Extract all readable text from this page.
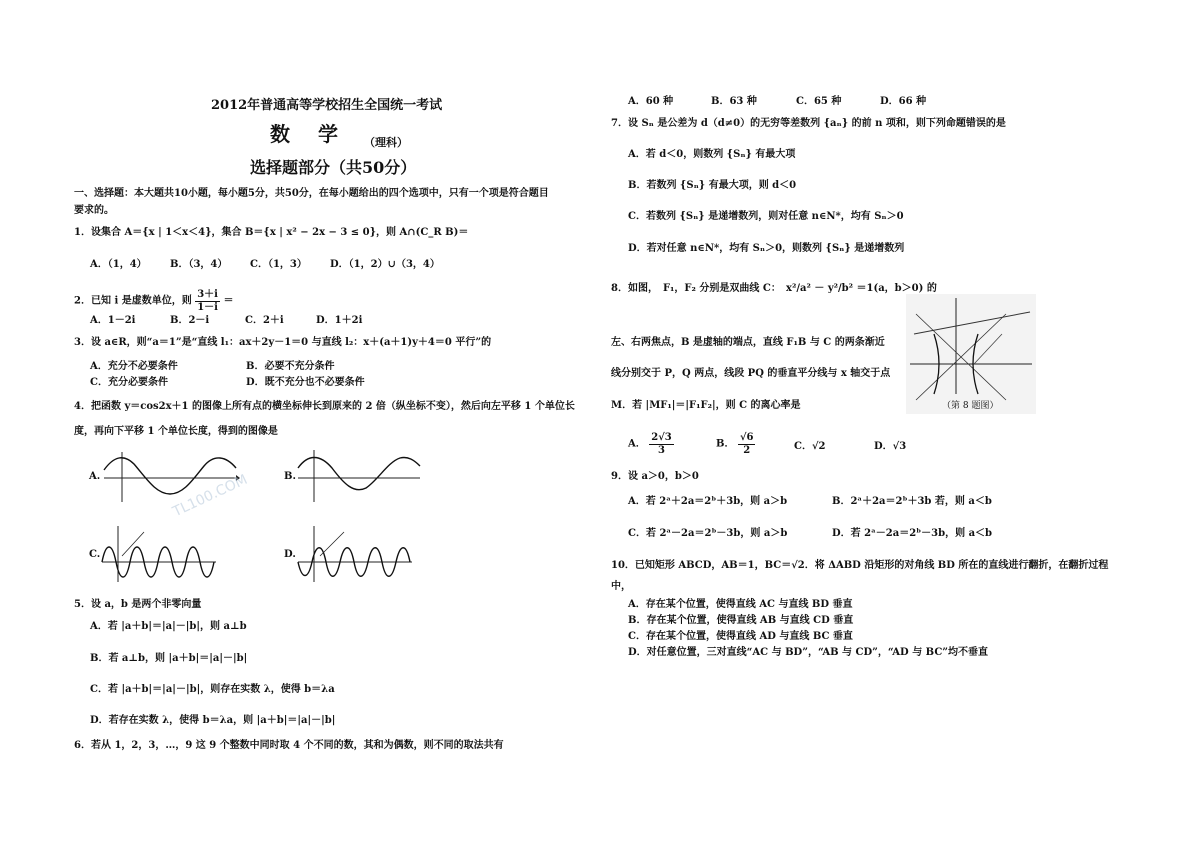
2012年普通高等学校招生全国统一考试
数　学 （理科）
选择题部分（共50分）
一、选择题：本大题共10小题，每小题5分，共50分，在每小题给出的四个选项中，只有一个项是符合题目
要求的。
1．设集合 A＝{x | 1＜x＜4}，集合 B＝{x | x² − 2x − 3 ≤ 0}，则 A∩(C_R B)＝
A．（1，4） B．（3，4） C．（1，3） D．（1，2）∪（3，4）
2．已知 i 是虚数单位，则 $\frac{3+i}{1-i}$ ＝
A．1－2i	B．2－i	C．2＋i	D．1＋2i
3．设 a∈R，则“a＝1”是“直线 l₁：ax＋2y－1＝0 与直线 l₂：x＋(a＋1)y＋4＝0 平行”的
A．充分不必要条件	B．必要不充分条件
C．充分必要条件	D．既不充分也不必要条件
4．把函数 y＝cos2x＋1 的图像上所有点的横坐标伸长到原来的 2 倍（纵坐标不变），然后向左平移 1 个单位长
度，再向下平移 1 个单位长度，得到的图像是
A.	TL100.COM	B.
C.	D.
5．设 a，b 是两个非零向量
A．若 |a＋b|＝|a|－|b|，则 a⊥b
B．若 a⊥b，则 |a＋b|＝|a|－|b|
C．若 |a＋b|＝|a|－|b|，则存在实数 λ，使得 b＝λa
D．若存在实数 λ，使得 b＝λa，则 |a＋b|＝|a|－|b|
6．若从 1，2，3，…，9 这 9 个整数中同时取 4 个不同的数，其和为偶数，则不同的取法共有
A．60 种	B．63 种	C．65 种	D．66 种
7．设 Sₙ 是公差为 d（d≠0）的无穷等差数列 {aₙ} 的前 n 项和，则下列命题错误的是
A．若 d＜0，则数列 {Sₙ} 有最大项
B．若数列 {Sₙ} 有最大项，则 d＜0
C．若数列 {Sₙ} 是递增数列，则对任意 n∈N*，均有 Sₙ＞0
D．若对任意 n∈N*，均有 Sₙ＞0，则数列 {Sₙ} 是递增数列
8．如图，　F₁，F₂ 分别是双曲线 C： x²/a² － y²/b² ＝1(a，b＞0) 的
左、右两焦点，B 是虚轴的端点，直线 F₁B 与 C 的两条渐近
线分别交于 P，Q 两点，线段 PQ 的垂直平分线与 x 轴交于点
M．若 |MF₁|＝|F₁F₂|，则 C 的离心率是	（第 8 题图）
A． $\frac{2√3}{3}$	B． $\frac{√6}{2}$	C．√2	D．√3
9．设 a＞0，b＞0
A．若 2ᵃ＋2a＝2ᵇ＋3b，则 a＞b	B．2ᵃ＋2a＝2ᵇ＋3b 若，则 a＜b
C．若 2ᵃ－2a＝2ᵇ－3b，则 a＞b	D．若 2ᵃ－2a＝2ᵇ－3b，则 a＜b
10．已知矩形 ABCD，AB＝1，BC＝√2．将 ΔABD 沿矩形的对角线 BD 所在的直线进行翻折，在翻折过程
中，
A．存在某个位置，使得直线 AC 与直线 BD 垂直
B．存在某个位置，使得直线 AB 与直线 CD 垂直
C．存在某个位置，使得直线 AD 与直线 BC 垂直
D．对任意位置，三对直线“AC 与 BD”，“AB 与 CD”，“AD 与 BC”均不垂直
